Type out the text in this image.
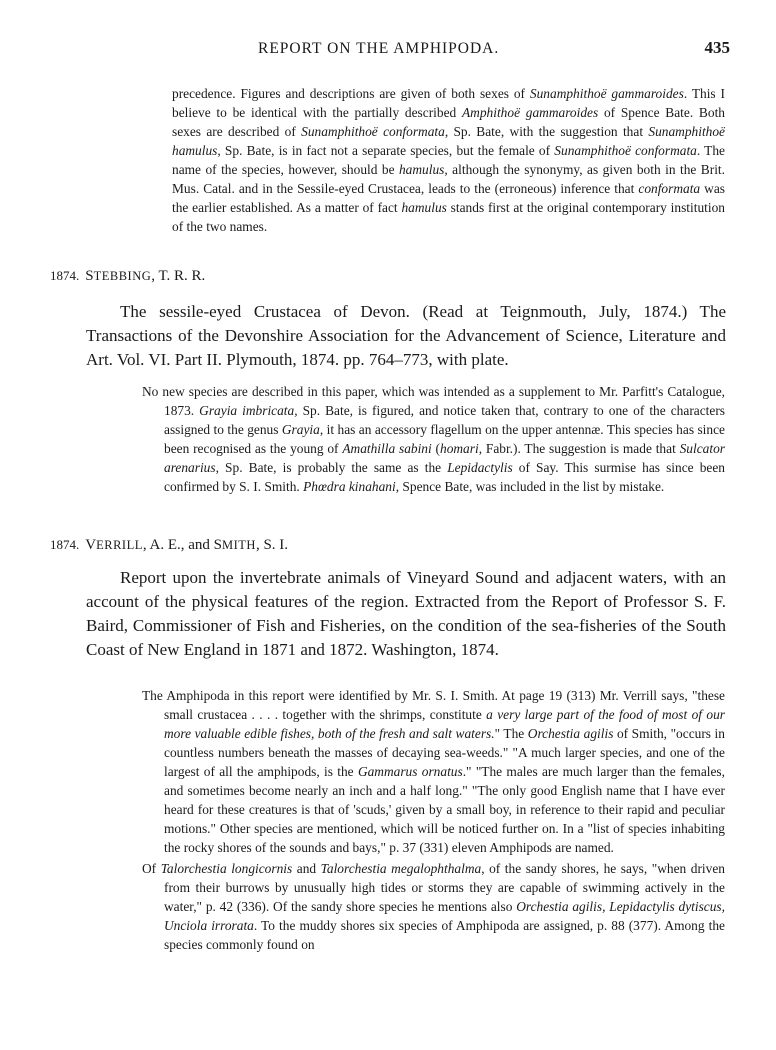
REPORT ON THE AMPHIPODA.	435

precedence. Figures and descriptions are given of both sexes of Sunamphithoë gammaroides. This I believe to be identical with the partially described Amphithoë gammaroides of Spence Bate. Both sexes are described of Sunamphithoë conformata, Sp. Bate, with the suggestion that Sunamphithoë hamulus, Sp. Bate, is in fact not a separate species, but the female of Sunamphithoë conformata. The name of the species, however, should be hamulus, although the synonymy, as given both in the Brit. Mus. Catal. and in the Sessile-eyed Crustacea, leads to the (erroneous) inference that conformata was the earlier established. As a matter of fact hamulus stands first at the original contemporary institution of the two names.

1874. STEBBING, T. R. R.

The sessile-eyed Crustacea of Devon. (Read at Teignmouth, July, 1874.) The Transactions of the Devonshire Association for the Advancement of Science, Literature and Art. Vol. VI. Part II. Plymouth, 1874. pp. 764–773, with plate.

No new species are described in this paper, which was intended as a supplement to Mr. Parfitt's Catalogue, 1873. Grayia imbricata, Sp. Bate, is figured, and notice taken that, contrary to one of the characters assigned to the genus Grayia, it has an accessory flagellum on the upper antennæ. This species has since been recognised as the young of Amathilla sabini (homari, Fabr.). The suggestion is made that Sulcator arenarius, Sp. Bate, is probably the same as the Lepidactylis of Say. This surmise has since been confirmed by S. I. Smith. Phœdra kinahani, Spence Bate, was included in the list by mistake.

1874. VERRILL, A. E., and SMITH, S. I.

Report upon the invertebrate animals of Vineyard Sound and adjacent waters, with an account of the physical features of the region. Extracted from the Report of Professor S. F. Baird, Commissioner of Fish and Fisheries, on the condition of the sea-fisheries of the South Coast of New England in 1871 and 1872. Washington, 1874.

The Amphipoda in this report were identified by Mr. S. I. Smith. At page 19 (313) Mr. Verrill says, "these small crustacea . . . . together with the shrimps, constitute a very large part of the food of most of our more valuable edible fishes, both of the fresh and salt waters." The Orchestia agilis of Smith, "occurs in countless numbers beneath the masses of decaying sea-weeds." "A much larger species, and one of the largest of all the amphipods, is the Gammarus ornatus." "The males are much larger than the females, and sometimes become nearly an inch and a half long." "The only good English name that I have ever heard for these creatures is that of 'scuds,' given by a small boy, in reference to their rapid and peculiar motions." Other species are mentioned, which will be noticed further on. In a "list of species inhabiting the rocky shores of the sounds and bays," p. 37 (331) eleven Amphipods are named.

Of Talorchestia longicornis and Talorchestia megalophthalma, of the sandy shores, he says, "when driven from their burrows by unusually high tides or storms they are capable of swimming actively in the water," p. 42 (336). Of the sandy shore species he mentions also Orchestia agilis, Lepidactylis dytiscus, Unciola irrorata. To the muddy shores six species of Amphipoda are assigned, p. 88 (377). Among the species commonly found on
